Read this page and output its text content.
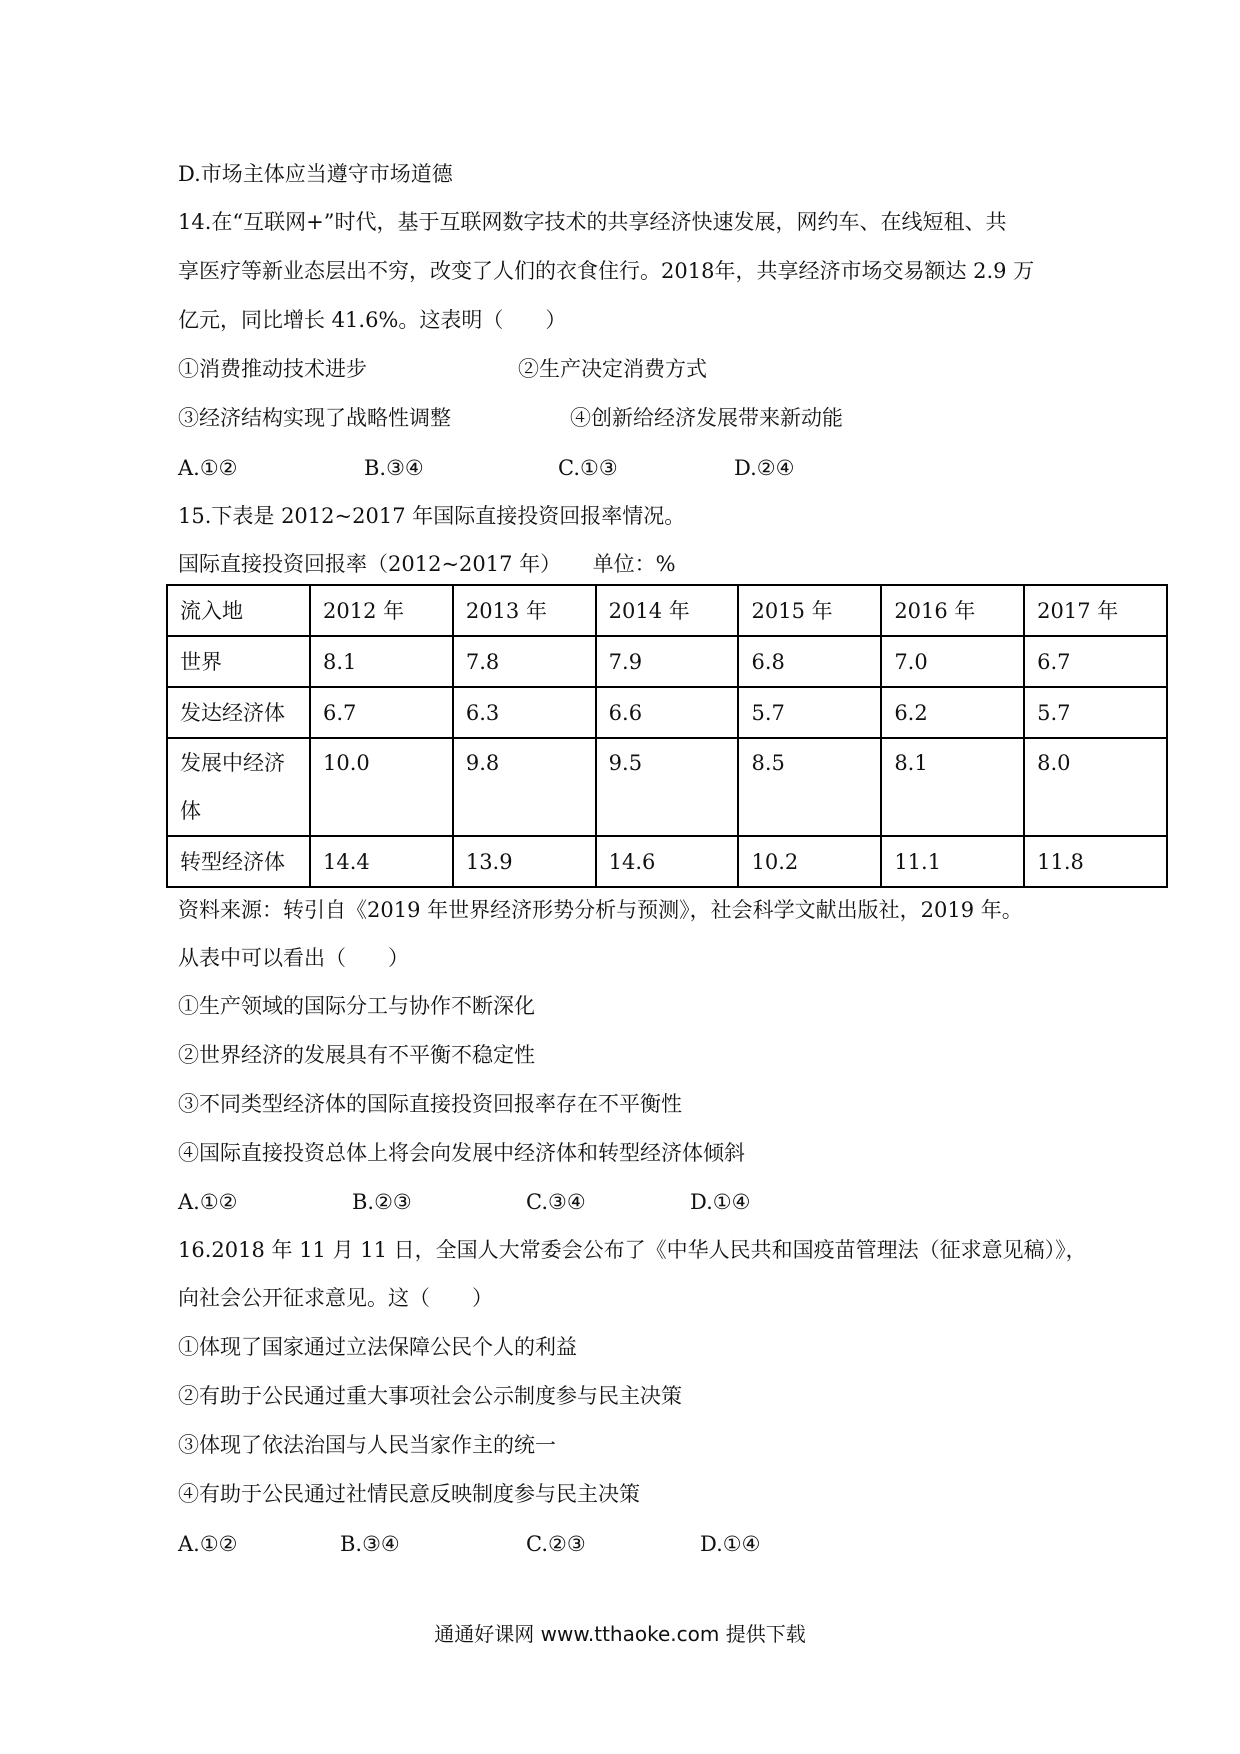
D.市场主体应当遵守市场道德
14.在“互联网+”时代，基于互联网数字技术的共享经济快速发展，网约车、在线短租、共
享医疗等新业态层出不穷，改变了人们的衣食住行。2018年，共享经济市场交易额达 2.9 万
亿元，同比增长 41.6%。这表明（　　）
①消费推动技术进步	②生产决定消费方式
③经济结构实现了战略性调整	④创新给经济发展带来新动能
A.①②	B.③④	C.①③	D.②④
15.下表是 2012~2017 年国际直接投资回报率情况。
国际直接投资回报率（2012~2017 年）　　单位：%
流入地	2012 年	2013 年	2014 年	2015 年	2016 年	2017 年
世界	8.1	7.8	7.9	6.8	7.0	6.7
发达经济体	6.7	6.3	6.6	5.7	6.2	5.7
发展中经济体	10.0	9.8	9.5	8.5	8.1	8.0
转型经济体	14.4	13.9	14.6	10.2	11.1	11.8
资料来源：转引自《2019 年世界经济形势分析与预测》，社会科学文献出版社，2019 年。
从表中可以看出（　　）
①生产领域的国际分工与协作不断深化
②世界经济的发展具有不平衡不稳定性
③不同类型经济体的国际直接投资回报率存在不平衡性
④国际直接投资总体上将会向发展中经济体和转型经济体倾斜
A.①②	B.②③	C.③④	D.①④
16.2018 年 11 月 11 日，全国人大常委会公布了《中华人民共和国疫苗管理法（征求意见稿）》，
向社会公开征求意见。这（　　）
①体现了国家通过立法保障公民个人的利益
②有助于公民通过重大事项社会公示制度参与民主决策
③体现了依法治国与人民当家作主的统一
④有助于公民通过社情民意反映制度参与民主决策
A.①②	B.③④	C.②③	D.①④
通通好课网 www.tthaoke.com 提供下载
